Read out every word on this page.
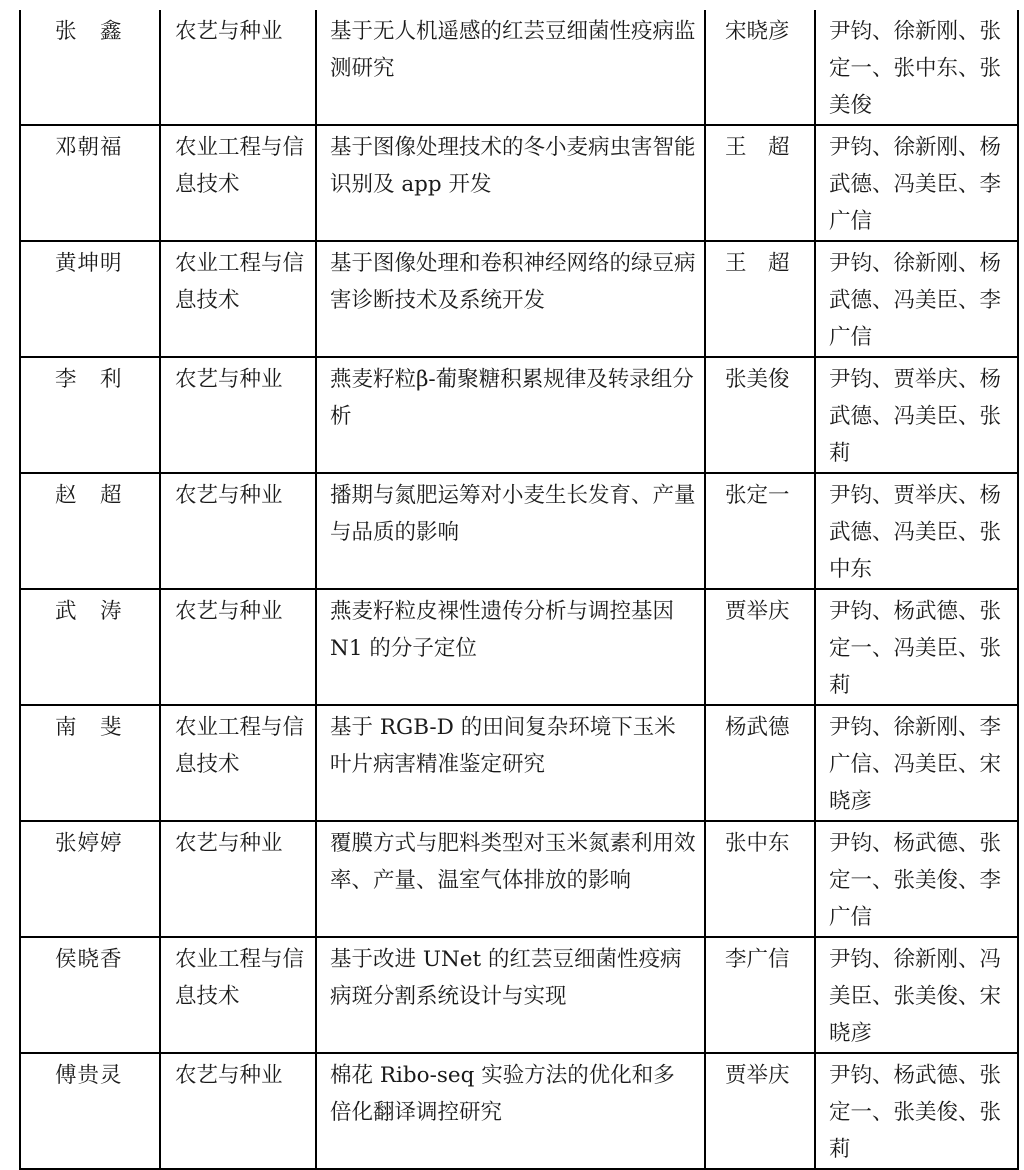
张　鑫	农艺与种业	基于无人机遥感的红芸豆细菌性疫病监测研究	宋晓彦	尹钧、徐新刚、张定一、张中东、张美俊
邓朝福	农业工程与信息技术	基于图像处理技术的冬小麦病虫害智能识别及 app 开发	王　超	尹钧、徐新刚、杨武德、冯美臣、李广信
黄坤明	农业工程与信息技术	基于图像处理和卷积神经网络的绿豆病害诊断技术及系统开发	王　超	尹钧、徐新刚、杨武德、冯美臣、李广信
李　利	农艺与种业	燕麦籽粒β-葡聚糖积累规律及转录组分析	张美俊	尹钧、贾举庆、杨武德、冯美臣、张莉
赵　超	农艺与种业	播期与氮肥运筹对小麦生长发育、产量与品质的影响	张定一	尹钧、贾举庆、杨武德、冯美臣、张中东
武　涛	农艺与种业	燕麦籽粒皮裸性遗传分析与调控基因 N1 的分子定位	贾举庆	尹钧、杨武德、张定一、冯美臣、张莉
南　斐	农业工程与信息技术	基于 RGB-D 的田间复杂环境下玉米叶片病害精准鉴定研究	杨武德	尹钧、徐新刚、李广信、冯美臣、宋晓彦
张婷婷	农艺与种业	覆膜方式与肥料类型对玉米氮素利用效率、产量、温室气体排放的影响	张中东	尹钧、杨武德、张定一、张美俊、李广信
侯晓香	农业工程与信息技术	基于改进 UNet 的红芸豆细菌性疫病病斑分割系统设计与实现	李广信	尹钧、徐新刚、冯美臣、张美俊、宋晓彦
傅贵灵	农艺与种业	棉花 Ribo-seq 实验方法的优化和多倍化翻译调控研究	贾举庆	尹钧、杨武德、张定一、张美俊、张莉
